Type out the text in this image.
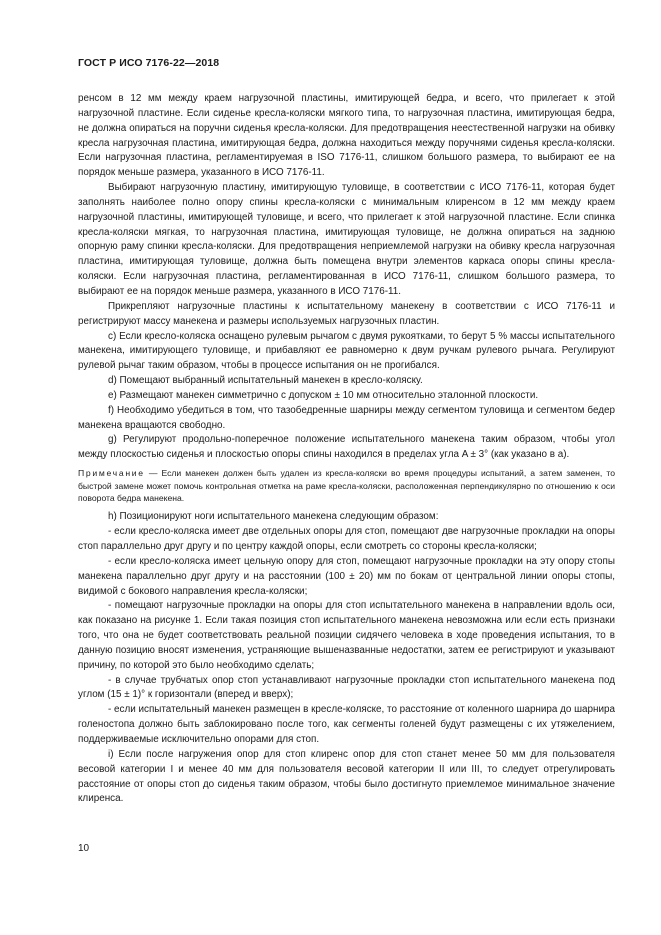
ГОСТ Р ИСО 7176-22—2018

ренсом в 12 мм между краем нагрузочной пластины, имитирующей бедра, и всего, что прилегает к этой нагрузочной пластине. Если сиденье кресла-коляски мягкого типа, то нагрузочная пластина, имитирующая бедра, не должна опираться на поручни сиденья кресла-коляски. Для предотвращения неестественной нагрузки на обивку кресла нагрузочная пластина, имитирующая бедра, должна находиться между поручнями сиденья кресла-коляски. Если нагрузочная пластина, регламентируемая в ISO 7176-11, слишком большого размера, то выбирают ее на порядок меньше размера, указанного в ИСО 7176-11.

Выбирают нагрузочную пластину, имитирующую туловище, в соответствии с ИСО 7176-11, которая будет заполнять наиболее полно опору спины кресла-коляски с минимальным клиренсом в 12 мм между краем нагрузочной пластины, имитирующей туловище, и всего, что прилегает к этой нагрузочной пластине. Если спинка кресла-коляски мягкая, то нагрузочная пластина, имитирующая туловище, не должна опираться на заднюю опорную раму спинки кресла-коляски. Для предотвращения неприемлемой нагрузки на обивку кресла нагрузочная пластина, имитирующая туловище, должна быть помещена внутри элементов каркаса опоры спины кресла-коляски. Если нагрузочная пластина, регламентированная в ИСО 7176-11, слишком большого размера, то выбирают ее на порядок меньше размера, указанного в ИСО 7176-11.

Прикрепляют нагрузочные пластины к испытательному манекену в соответствии с ИСО 7176-11 и регистрируют массу манекена и размеры используемых нагрузочных пластин.

c) Если кресло-коляска оснащено рулевым рычагом с двумя рукоятками, то берут 5 % массы испытательного манекена, имитирующего туловище, и прибавляют ее равномерно к двум ручкам рулевого рычага. Регулируют рулевой рычаг таким образом, чтобы в процессе испытания он не прогибался.

d) Помещают выбранный испытательный манекен в кресло-коляску.

e) Размещают манекен симметрично с допуском ± 10 мм относительно эталонной плоскости.

f) Необходимо убедиться в том, что тазобедренные шарниры между сегментом туловища и сегментом бедер манекена вращаются свободно.

g) Регулируют продольно-поперечное положение испытательного манекена таким образом, чтобы угол между плоскостью сиденья и плоскостью опоры спины находился в пределах угла A ± 3° (как указано в а).

Примечание — Если манекен должен быть удален из кресла-коляски во время процедуры испытаний, а затем заменен, то быстрой замене может помочь контрольная отметка на раме кресла-коляски, расположенная перпендикулярно по отношению к оси поворота бедра манекена.

h) Позиционируют ноги испытательного манекена следующим образом:

- если кресло-коляска имеет две отдельных опоры для стоп, помещают две нагрузочные прокладки на опоры стоп параллельно друг другу и по центру каждой опоры, если смотреть со стороны кресла-коляски;

- если кресло-коляска имеет цельную опору для стоп, помещают нагрузочные прокладки на эту опору стопы манекена параллельно друг другу и на расстоянии (100 ± 20) мм по бокам от центральной линии опоры стопы, видимой с бокового направления кресла-коляски;

- помещают нагрузочные прокладки на опоры для стоп испытательного манекена в направлении вдоль оси, как показано на рисунке 1. Если такая позиция стоп испытательного манекена невозможна или если есть признаки того, что она не будет соответствовать реальной позиции сидячего человека в ходе проведения испытания, то в данную позицию вносят изменения, устраняющие вышеназванные недостатки, затем ее регистрируют и указывают причину, по которой это было необходимо сделать;

- в случае трубчатых опор стоп устанавливают нагрузочные прокладки стоп испытательного манекена под углом (15 ± 1)° к горизонтали (вперед и вверх);

- если испытательный манекен размещен в кресле-коляске, то расстояние от коленного шарнира до шарнира голеностопа должно быть заблокировано после того, как сегменты голеней будут размещены с их утяжелением, поддерживаемые исключительно опорами для стоп.

i) Если после нагружения опор для стоп клиренс опор для стоп станет менее 50 мм для пользователя весовой категории I и менее 40 мм для пользователя весовой категории II или III, то следует отрегулировать расстояние от опоры стоп до сиденья таким образом, чтобы было достигнуто приемлемое минимальное значение клиренса.

10
